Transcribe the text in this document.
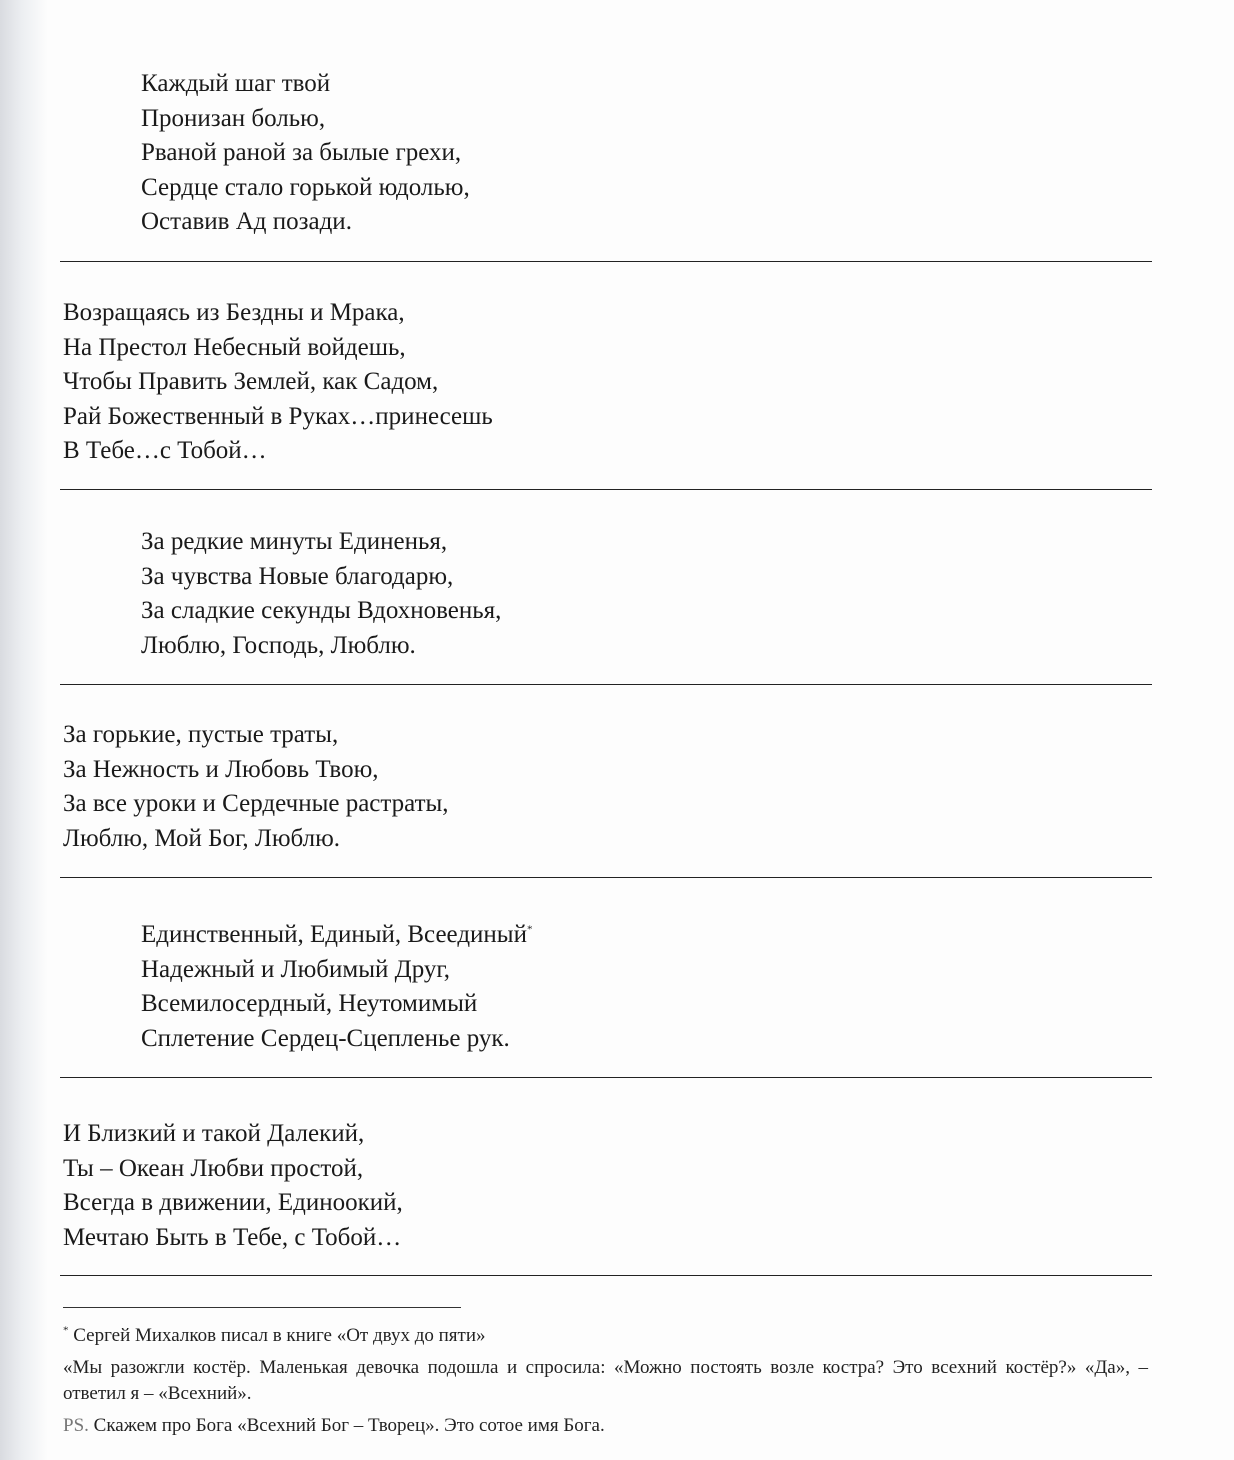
Каждый шаг твой
Пронизан болью,
Рваной раной за былые грехи,
Сердце стало горькой юдолью,
Оставив Ад позади.
Возращаясь из Бездны и Мрака,
На Престол Небесный войдешь,
Чтобы Править Землей, как Садом,
Рай Божественный в Руках…принесешь
В Тебе…с Тобой…
За редкие минуты Единенья,
За чувства Новые благодарю,
За сладкие секунды Вдохновенья,
Люблю, Господь, Люблю.
За горькие, пустые траты,
За Нежность и Любовь Твою,
За все уроки и Сердечные растраты,
Люблю, Мой Бог, Люблю.
Единственный, Единый, Всеединый*
Надежный и Любимый Друг,
Всемилосердный, Неутомимый
Сплетение Сердец-Сцепленье рук.
И Близкий и такой Далекий,
Ты – Океан Любви простой,
Всегда в движении, Единоокий,
Мечтаю Быть в Тебе, с Тобой…

* Сергей Михалков писал в книге «От двух до пяти»

«Мы разожгли костёр. Маленькая девочка подошла и спросила: «Можно постоять возле костра? Это всехний костёр?» «Да», – ответил я – «Всехний».

PS. Скажем про Бога «Всехний Бог – Творец». Это сотое имя Бога.
